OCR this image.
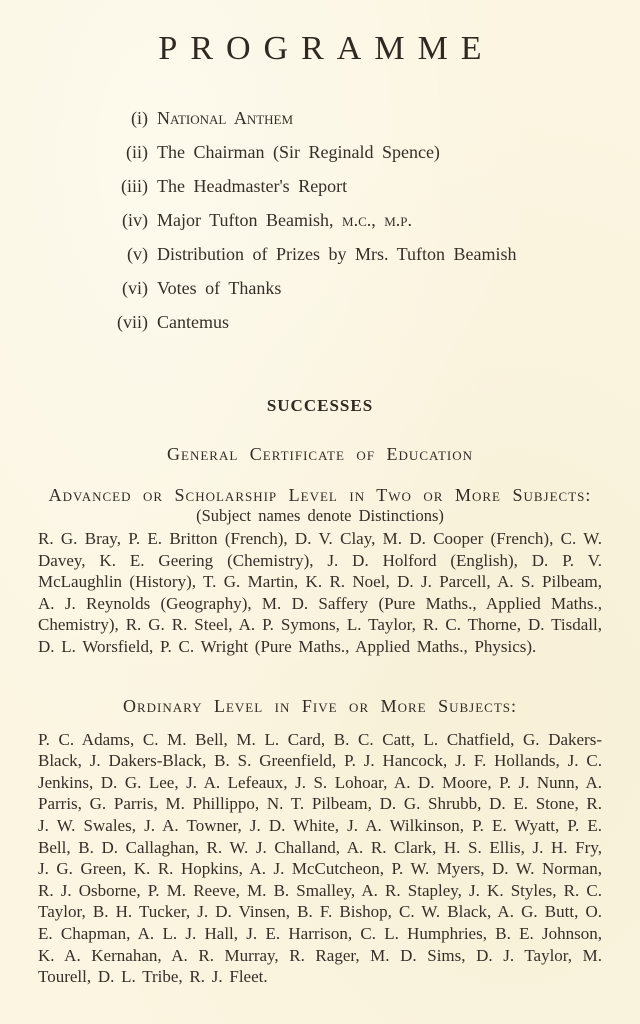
PROGRAMME
(i) National Anthem
(ii) The Chairman (Sir Reginald Spence)
(iii) The Headmaster's Report
(iv) Major Tufton Beamish, m.c., m.p.
(v) Distribution of Prizes by Mrs. Tufton Beamish
(vi) Votes of Thanks
(vii) Cantemus
SUCCESSES
General Certificate of Education
Advanced or Scholarship Level in Two or More Subjects:
(Subject names denote Distinctions)

R. G. Bray, P. E. Britton (French), D. V. Clay, M. D. Cooper (French), C. W. Davey, K. E. Geering (Chemistry), J. D. Holford (English), D. P. V. McLaughlin (History), T. G. Martin, K. R. Noel, D. J. Parcell, A. S. Pilbeam, A. J. Reynolds (Geography), M. D. Saffery (Pure Maths., Applied Maths., Chemistry), R. G. R. Steel, A. P. Symons, L. Taylor, R. C. Thorne, D. Tisdall, D. L. Worsfield, P. C. Wright (Pure Maths., Applied Maths., Physics).

Ordinary Level in Five or More Subjects:

P. C. Adams, C. M. Bell, M. L. Card, B. C. Catt, L. Chatfield, G. Dakers-Black, J. Dakers-Black, B. S. Greenfield, P. J. Hancock, J. F. Hollands, J. C. Jenkins, D. G. Lee, J. A. Lefeaux, J. S. Lohoar, A. D. Moore, P. J. Nunn, A. Parris, G. Parris, M. Phillippo, N. T. Pilbeam, D. G. Shrubb, D. E. Stone, R. J. W. Swales, J. A. Towner, J. D. White, J. A. Wilkinson, P. E. Wyatt, P. E. Bell, B. D. Callaghan, R. W. J. Challand, A. R. Clark, H. S. Ellis, J. H. Fry, J. G. Green, K. R. Hopkins, A. J. McCutcheon, P. W. Myers, D. W. Norman, R. J. Osborne, P. M. Reeve, M. B. Smalley, A. R. Stapley, J. K. Styles, R. C. Taylor, B. H. Tucker, J. D. Vinsen, B. F. Bishop, C. W. Black, A. G. Butt, O. E. Chapman, A. L. J. Hall, J. E. Harrison, C. L. Humphries, B. E. Johnson, K. A. Kernahan, A. R. Murray, R. Rager, M. D. Sims, D. J. Taylor, M. Tourell, D. L. Tribe, R. J. Fleet.
